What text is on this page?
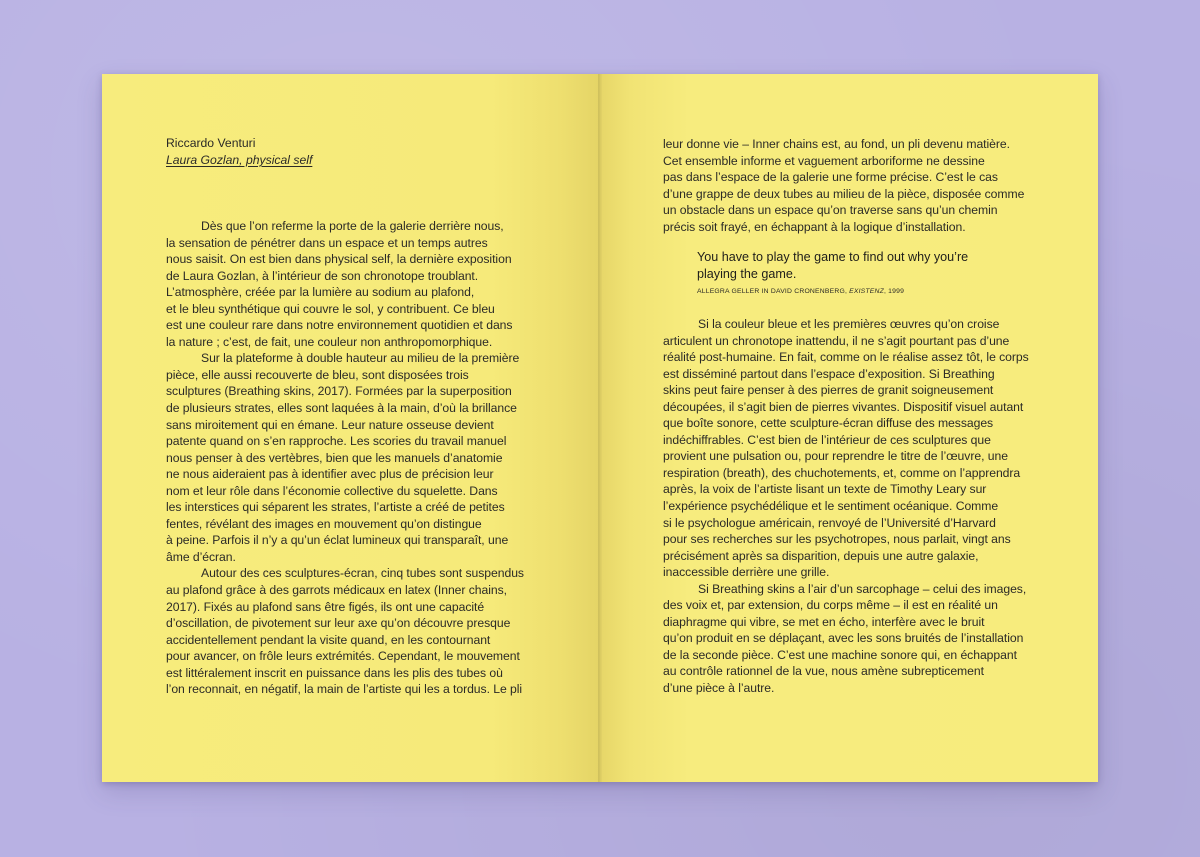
Riccardo Venturi
Laura Gozlan, physical self
Dès que l’on referme la porte de la galerie derrière nous,
la sensation de pénétrer dans un espace et un temps autres
nous saisit. On est bien dans physical self, la dernière exposition
de Laura Gozlan, à l’intérieur de son chronotope troublant.
L’atmosphère, créée par la lumière au sodium au plafond,
et le bleu synthétique qui couvre le sol, y contribuent. Ce bleu
est une couleur rare dans notre environnement quotidien et dans
la nature ; c’est, de fait, une couleur non anthropomorphique.
Sur la plateforme à double hauteur au milieu de la première
pièce, elle aussi recouverte de bleu, sont disposées trois
sculptures (Breathing skins, 2017). Formées par la superposition
de plusieurs strates, elles sont laquées à la main, d’où la brillance
sans miroitement qui en émane. Leur nature osseuse devient
patente quand on s’en rapproche. Les scories du travail manuel
nous penser à des vertèbres, bien que les manuels d’anatomie
ne nous aideraient pas à identifier avec plus de précision leur
nom et leur rôle dans l’économie collective du squelette. Dans
les interstices qui séparent les strates, l’artiste a créé de petites
fentes, révélant des images en mouvement qu’on distingue
à peine. Parfois il n’y a qu’un éclat lumineux qui transparaît, une
âme d’écran.
Autour des ces sculptures-écran, cinq tubes sont suspendus
au plafond grâce à des garrots médicaux en latex (Inner chains,
2017). Fixés au plafond sans être figés, ils ont une capacité
d’oscillation, de pivotement sur leur axe qu’on découvre presque
accidentellement pendant la visite quand, en les contournant
pour avancer, on frôle leurs extrémités. Cependant, le mouvement
est littéralement inscrit en puissance dans les plis des tubes où
l’on reconnait, en négatif, la main de l’artiste qui les a tordus. Le pli
leur donne vie – Inner chains est, au fond, un pli devenu matière.
Cet ensemble informe et vaguement arboriforme ne dessine
pas dans l’espace de la galerie une forme précise. C’est le cas
d’une grappe de deux tubes au milieu de la pièce, disposée comme
un obstacle dans un espace qu’on traverse sans qu’un chemin
précis soit frayé, en échappant à la logique d’installation.
You have to play the game to find out why you’re
playing the game.
ALLEGRA GELLER IN DAVID CRONENBERG, EXISTENZ, 1999
Si la couleur bleue et les premières œuvres qu’on croise
articulent un chronotope inattendu, il ne s’agit pourtant pas d’une
réalité post-humaine. En fait, comme on le réalise assez tôt, le corps
est disséminé partout dans l’espace d’exposition. Si Breathing
skins peut faire penser à des pierres de granit soigneusement
découpées, il s’agit bien de pierres vivantes. Dispositif visuel autant
que boîte sonore, cette sculpture-écran diffuse des messages
indéchiffrables. C’est bien de l’intérieur de ces sculptures que
provient une pulsation ou, pour reprendre le titre de l’œuvre, une
respiration (breath), des chuchotements, et, comme on l’apprendra
après, la voix de l’artiste lisant un texte de Timothy Leary sur
l’expérience psychédélique et le sentiment océanique. Comme
si le psychologue américain, renvoyé de l’Université d’Harvard
pour ses recherches sur les psychotropes, nous parlait, vingt ans
précisément après sa disparition, depuis une autre galaxie,
inaccessible derrière une grille.
Si Breathing skins a l’air d’un sarcophage – celui des images,
des voix et, par extension, du corps même – il est en réalité un
diaphragme qui vibre, se met en écho, interfère avec le bruit
qu’on produit en se déplaçant, avec les sons bruités de l’installation
de la seconde pièce. C’est une machine sonore qui, en échappant
au contrôle rationnel de la vue, nous amène subrepticement
d’une pièce à l’autre.
